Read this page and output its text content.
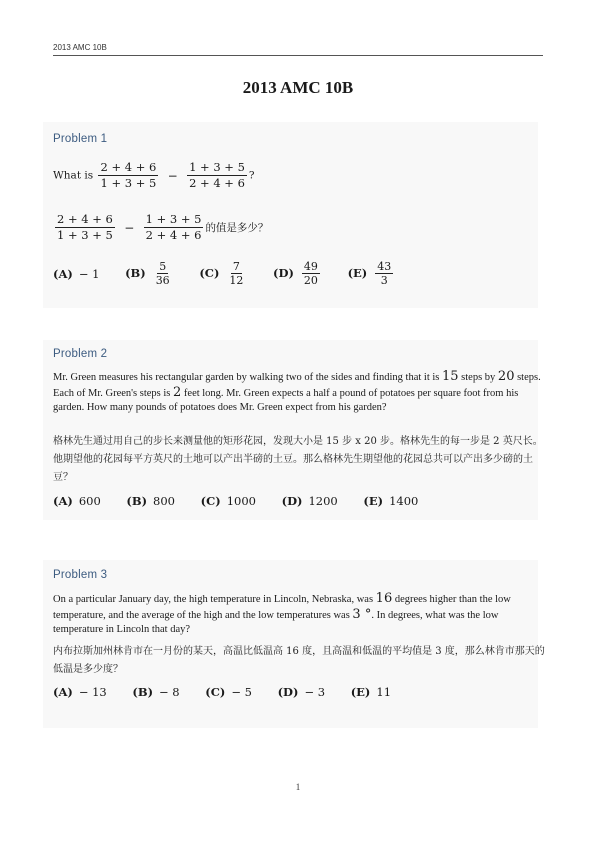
2013 AMC 10B
2013 AMC 10B
Problem 1
What is $\frac{2 + 4 + 6}{1 + 3 + 5} - \frac{1 + 3 + 5}{2 + 4 + 6}$ ?
$\frac{2 + 4 + 6}{1 + 3 + 5} - \frac{1 + 3 + 5}{2 + 4 + 6}$ 的值是多少？
(A) − 1 $(B) \frac{5}{36} (C) \frac{7}{12} (D) \frac{49}{20} (E) \frac{43}{3}$
Problem 2
Mr. Green measures his rectangular garden by walking two of the sides and finding that it is 15 steps by 20 steps. Each of Mr. Green's steps is 2 feet long. Mr. Green expects a half a pound of potatoes per square foot from his garden. How many pounds of potatoes does Mr. Green expect from his garden?
格林先生通过用自己的步长来测量他的矩形花园，发现大小是 15 步 x 20 步。格林先生的每一步是 2 英尺长。他期望他的花园每平方英尺的土地可以产出半磅的土豆。那么格林先生期望他的花园总共可以产出多少磅的土豆？
(A) 600 (B) 800 (C) 1000 (D) 1200 (E) 1400
Problem 3
On a particular January day, the high temperature in Lincoln, Nebraska, was 16 degrees higher than the low temperature, and the average of the high and the low temperatures was 3 °. In degrees, what was the low temperature in Lincoln that day?
内布拉斯加州林肯市在一月份的某天，高温比低温高 16 度，且高温和低温的平均值是 3 度，那么林肯市那天的低温是多少度？
(A) − 13 (B) − 8 (C) − 5 (D) − 3 (E) 11
1
